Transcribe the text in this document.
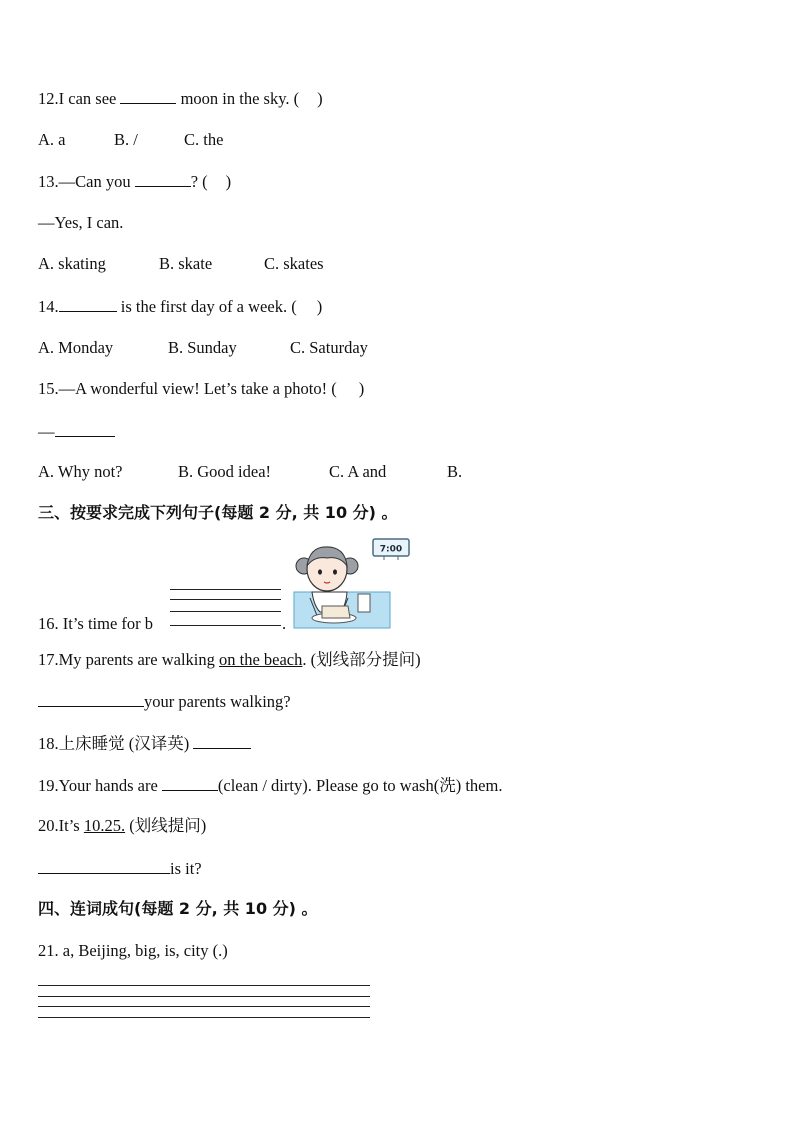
12.I can see	moon in the sky. ( )
A. a	B. /	C. the
13.—Can you	? ( )
—Yes, I can.
A. skating	B. skate	C. skates
14.	is the first day of a week. ( )
A. Monday	B. Sunday	C. Saturday
15.—A wonderful view! Let’s take a photo! ( )
—
A. Why not?	B. Good idea!	C. A and	B.
三、按要求完成下列句子(每题 2 分, 共 10 分) 。
7:00
16. It’s time for b	.
17.My parents are walking on the beach. (划线部分提问)
your parents walking?
18.上床睡觉 (汉译英)
19.Your hands are	(clean / dirty). Please go to wash(洗) them.
20.It’s 10.25. (划线提问)
is it?
四、连词成句(每题 2 分, 共 10 分) 。
21. a, Beijing, big, is, city (.)
